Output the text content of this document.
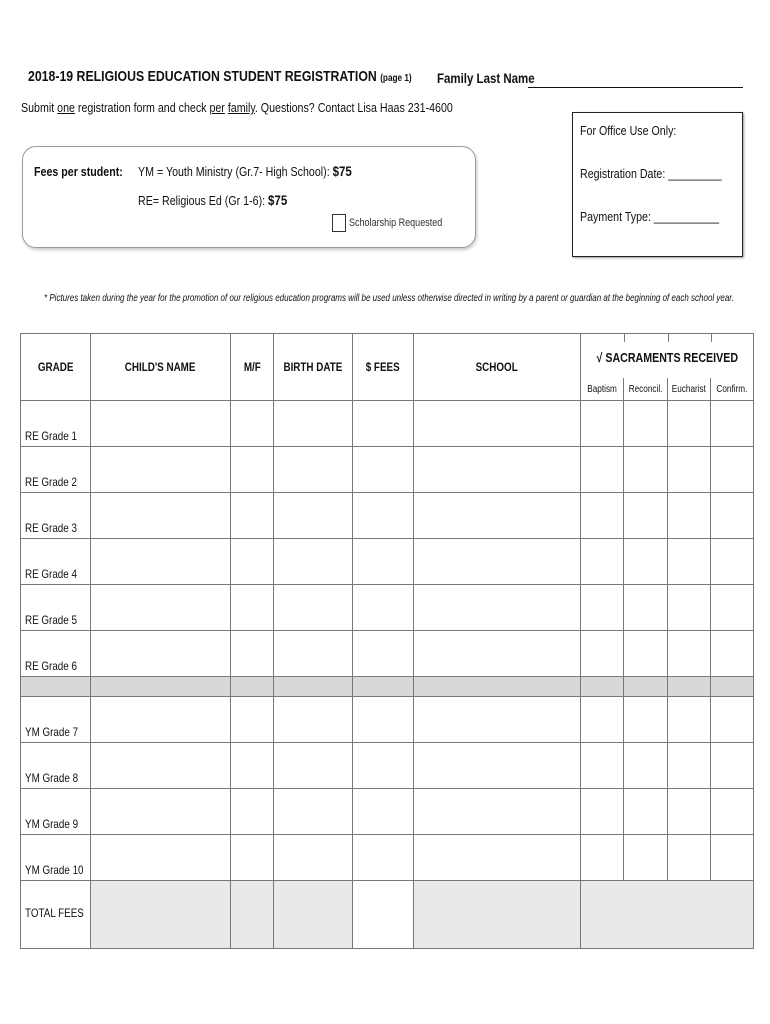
2018-19 RELIGIOUS EDUCATION STUDENT REGISTRATION (page 1) Family Last Name
Submit one registration form and check per family. Questions? Contact Lisa Haas 231-4600
For Office Use Only:
Registration Date: _________
Payment Type: ___________
Fees per student: YM = Youth Ministry (Gr.7- High School): $75
RE= Religious Ed (Gr 1-6): $75
Scholarship Requested
* Pictures taken during the year for the promotion of our religious education programs will be used unless otherwise directed in writing by a parent or guardian at the beginning of each school year.
GRADE	CHILD'S NAME	M/F	BIRTH DATE	$ FEES	SCHOOL	√ SACRAMENTS RECEIVED
Baptism Reconcil. Eucharist Confirm.			

RE Grade 1									
RE Grade 2									
RE Grade 3									
RE Grade 4									
RE Grade 5									
RE Grade 6									

YM Grade 7									
YM Grade 8									
YM Grade 9									
YM Grade 10									
TOTAL FEES									
